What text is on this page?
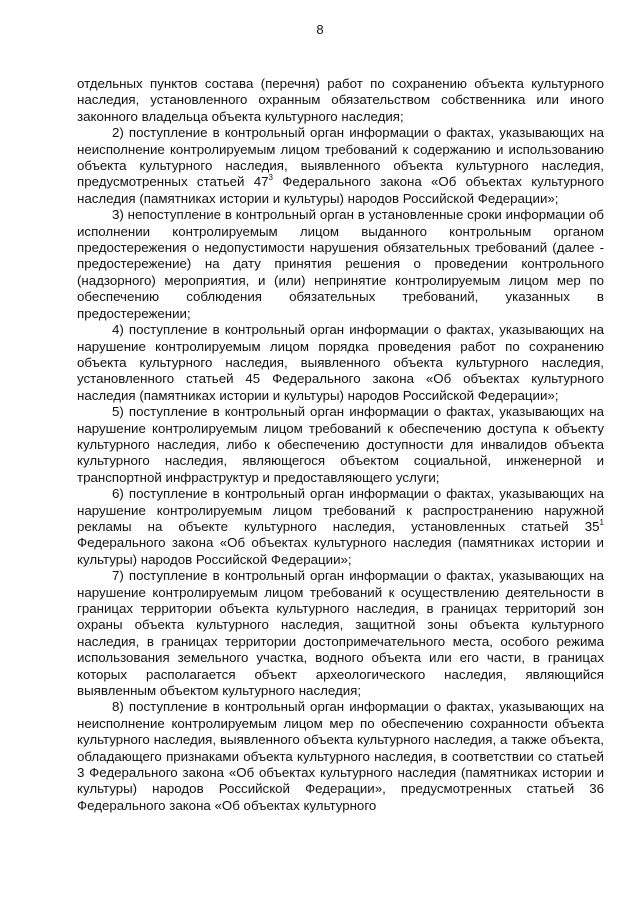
8

отдельных пунктов состава (перечня) работ по сохранению объекта культурного наследия, установленного охранным обязательством собственника или иного законного владельца объекта культурного наследия;

2) поступление в контрольный орган информации о фактах, указывающих на неисполнение контролируемым лицом требований к содержанию и использованию объекта культурного наследия, выявленного объекта культурного наследия, предусмотренных статьей $47^3$ Федерального закона «Об объектах культурного наследия (памятниках истории и культуры) народов Российской Федерации»;

3) непоступление в контрольный орган в установленные сроки информации об исполнении контролируемым лицом выданного контрольным органом предостережения о недопустимости нарушения обязательных требований (далее - предостережение) на дату принятия решения о проведении контрольного (надзорного) мероприятия, и (или) непринятие контролируемым лицом мер по обеспечению соблюдения обязательных требований, указанных в предостережении;

4) поступление в контрольный орган информации о фактах, указывающих на нарушение контролируемым лицом порядка проведения работ по сохранению объекта культурного наследия, выявленного объекта культурного наследия, установленного статьей 45 Федерального закона «Об объектах культурного наследия (памятниках истории и культуры) народов Российской Федерации»;

5) поступление в контрольный орган информации о фактах, указывающих на нарушение контролируемым лицом требований к обеспечению доступа к объекту культурного наследия, либо к обеспечению доступности для инвалидов объекта культурного наследия, являющегося объектом социальной, инженерной и транспортной инфраструктур и предоставляющего услуги;

6) поступление в контрольный орган информации о фактах, указывающих на нарушение контролируемым лицом требований к распространению наружной рекламы на объекте культурного наследия, установленных статьей $35^1$ Федерального закона «Об объектах культурного наследия (памятниках истории и культуры) народов Российской Федерации»;

7) поступление в контрольный орган информации о фактах, указывающих на нарушение контролируемым лицом требований к осуществлению деятельности в границах территории объекта культурного наследия, в границах территорий зон охраны объекта культурного наследия, защитной зоны объекта культурного наследия, в границах территории достопримечательного места, особого режима использования земельного участка, водного объекта или его части, в границах которых располагается объект археологического наследия, являющийся выявленным объектом культурного наследия;

8) поступление в контрольный орган информации о фактах, указывающих на неисполнение контролируемым лицом мер по обеспечению сохранности объекта культурного наследия, выявленного объекта культурного наследия, а также объекта, обладающего признаками объекта культурного наследия, в соответствии со статьей 3 Федерального закона «Об объектах культурного наследия (памятниках истории и культуры) народов Российской Федерации», предусмотренных статьей 36 Федерального закона «Об объектах культурного
